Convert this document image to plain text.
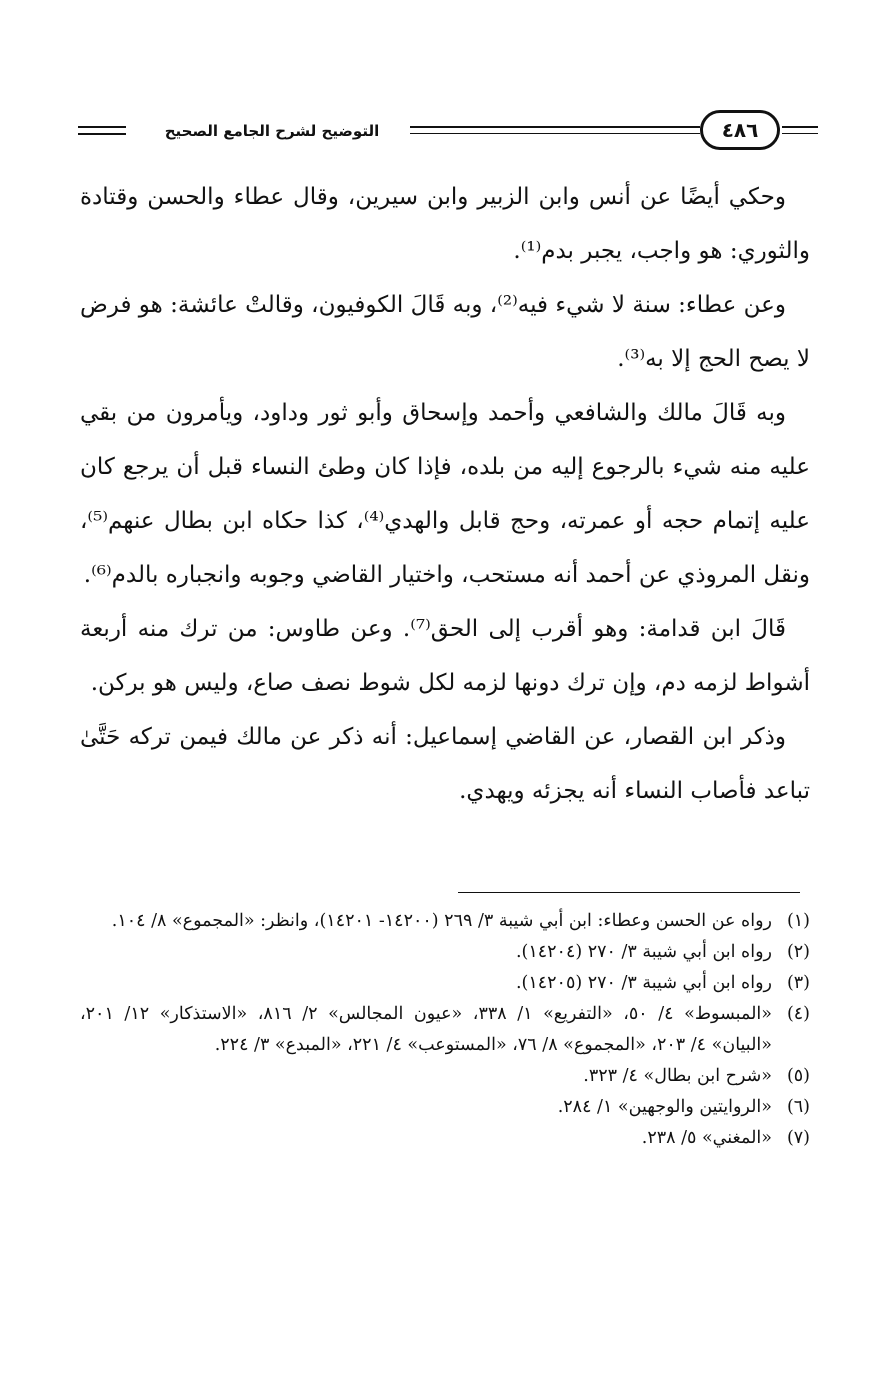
التوضيح لشرح الجامع الصحيح	٤٨٦

وحكي أيضًا عن أنس وابن الزبير وابن سيرين، وقال عطاء والحسن وقتادة والثوري: هو واجب، يجبر بدم⁽¹⁾.

وعن عطاء: سنة لا شيء فيه⁽²⁾، وبه قَالَ الكوفيون، وقالتْ عائشة: هو فرض لا يصح الحج إلا به⁽³⁾.

وبه قَالَ مالك والشافعي وأحمد وإسحاق وأبو ثور وداود، ويأمرون من بقي عليه منه شيء بالرجوع إليه من بلده، فإذا كان وطئ النساء قبل أن يرجع كان عليه إتمام حجه أو عمرته، وحج قابل والهدي⁽⁴⁾، كذا حكاه ابن بطال عنهم⁽⁵⁾، ونقل المروذي عن أحمد أنه مستحب، واختيار القاضي وجوبه وانجباره بالدم⁽⁶⁾.

قَالَ ابن قدامة: وهو أقرب إلى الحق⁽⁷⁾. وعن طاوس: من ترك منه أربعة أشواط لزمه دم، وإن ترك دونها لزمه لكل شوط نصف صاع، وليس هو بركن.

وذكر ابن القصار، عن القاضي إسماعيل: أنه ذكر عن مالك فيمن تركه حَتَّىٰ تباعد فأصاب النساء أنه يجزئه ويهدي.

(١)
رواه عن الحسن وعطاء: ابن أبي شيبة ٣/ ٢٦٩ (١٤٢٠٠- ١٤٢٠١)، وانظر: «المجموع» ٨/ ١٠٤.
(٢)
رواه ابن أبي شيبة ٣/ ٢٧٠ (١٤٢٠٤).
(٣)
رواه ابن أبي شيبة ٣/ ٢٧٠ (١٤٢٠٥).
(٤)
«المبسوط» ٤/ ٥٠، «التفريع» ١/ ٣٣٨، «عيون المجالس» ٢/ ٨١٦، «الاستذكار» ١٢/ ٢٠١، «البيان» ٤/ ٢٠٣، «المجموع» ٨/ ٧٦، «المستوعب» ٤/ ٢٢١، «المبدع» ٣/ ٢٢٤.
(٥)
«شرح ابن بطال» ٤/ ٣٢٣.
(٦)
«الروايتين والوجهين» ١/ ٢٨٤.
(٧)
«المغني» ٥/ ٢٣٨.
